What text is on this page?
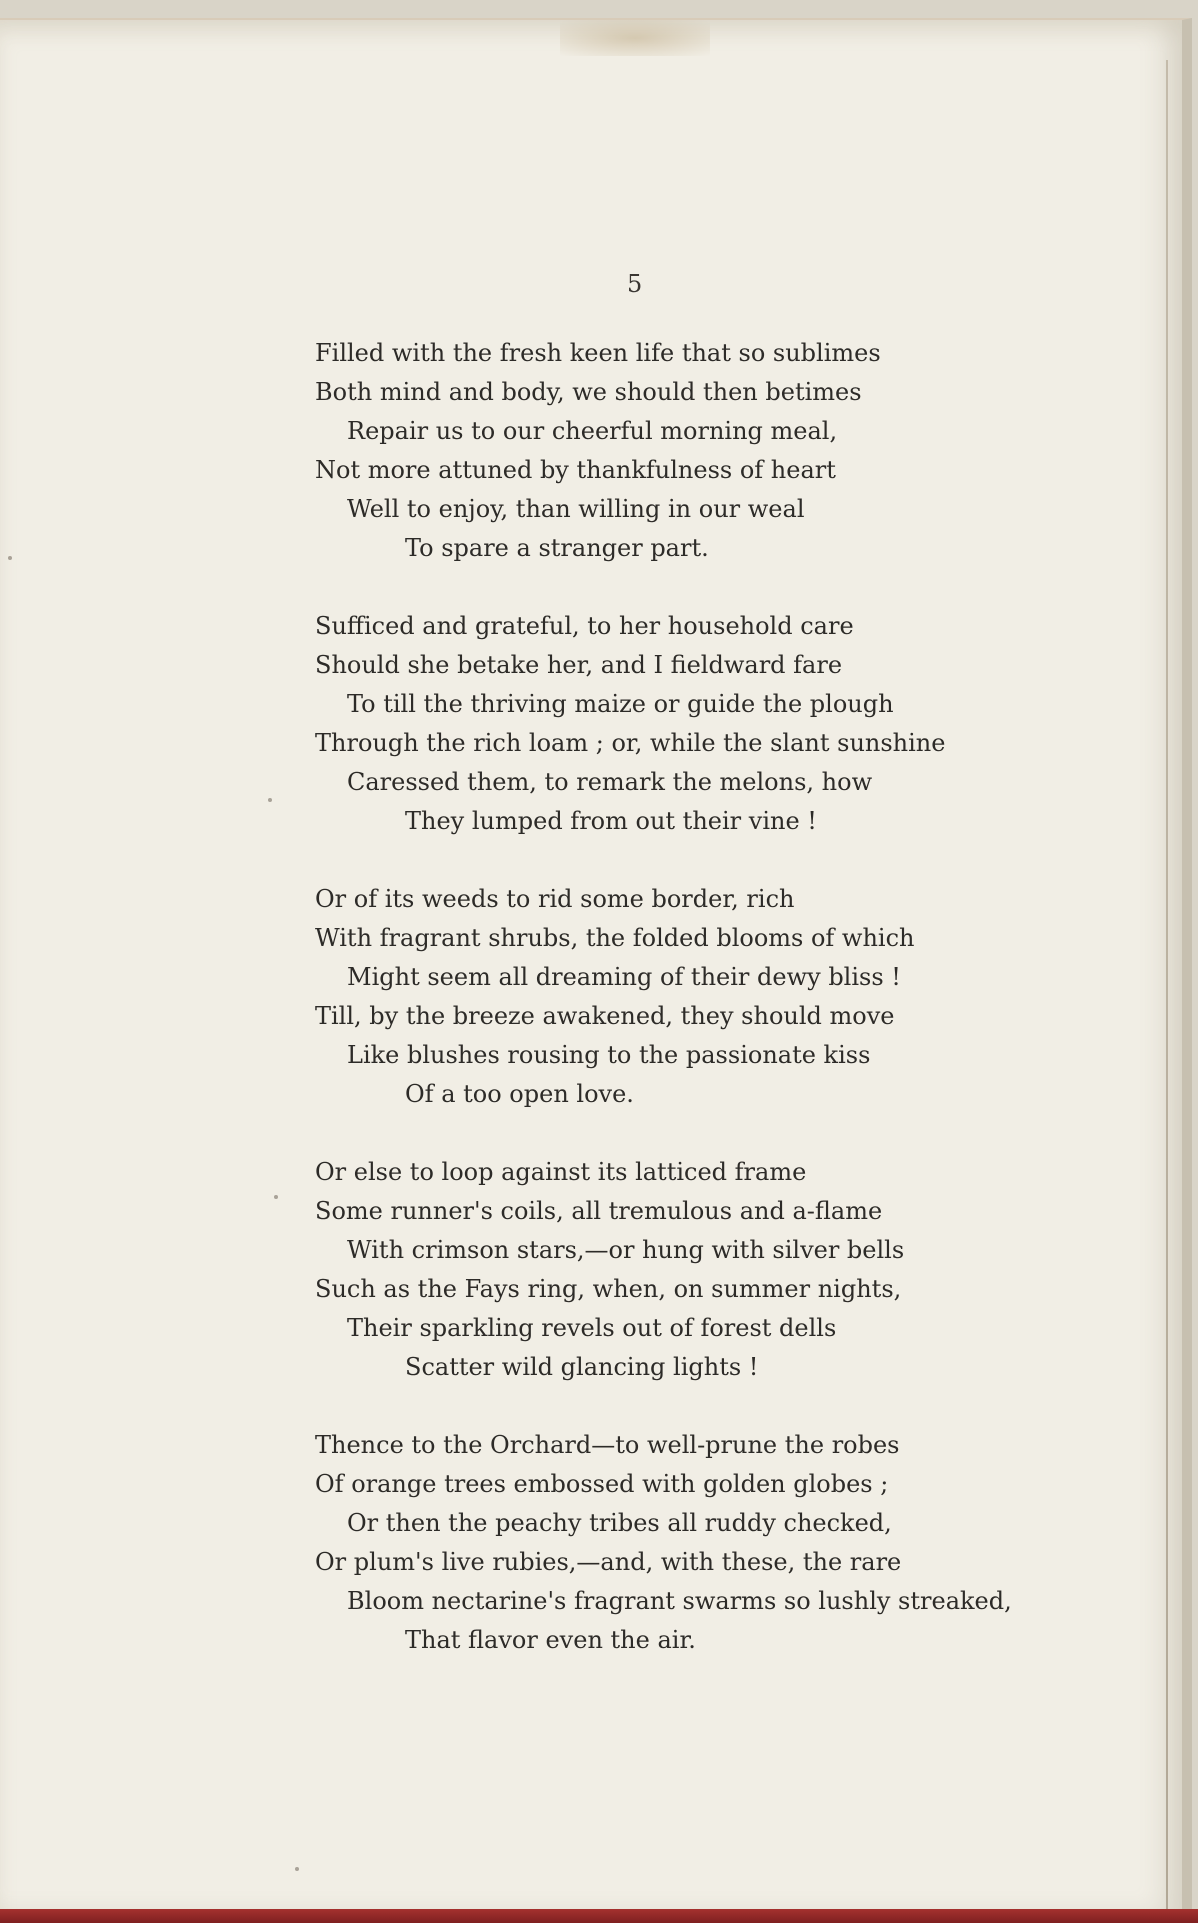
5
Filled with the fresh keen life that so sublimes
Both mind and body, we should then betimes
Repair us to our cheerful morning meal,
Not more attuned by thankfulness of heart
Well to enjoy, than willing in our weal
To spare a stranger part.
Sufficed and grateful, to her household care
Should she betake her, and I fieldward fare
To till the thriving maize or guide the plough
Through the rich loam ; or, while the slant sunshine
Caressed them, to remark the melons, how
They lumped from out their vine !
Or of its weeds to rid some border, rich
With fragrant shrubs, the folded blooms of which
Might seem all dreaming of their dewy bliss !
Till, by the breeze awakened, they should move
Like blushes rousing to the passionate kiss
Of a too open love.
Or else to loop against its latticed frame
Some runner's coils, all tremulous and a-flame
With crimson stars,—or hung with silver bells
Such as the Fays ring, when, on summer nights,
Their sparkling revels out of forest dells
Scatter wild glancing lights !
Thence to the Orchard—to well-prune the robes
Of orange trees embossed with golden globes ;
Or then the peachy tribes all ruddy checked,
Or plum's live rubies,—and, with these, the rare
Bloom nectarine's fragrant swarms so lushly streaked,
That flavor even the air.
